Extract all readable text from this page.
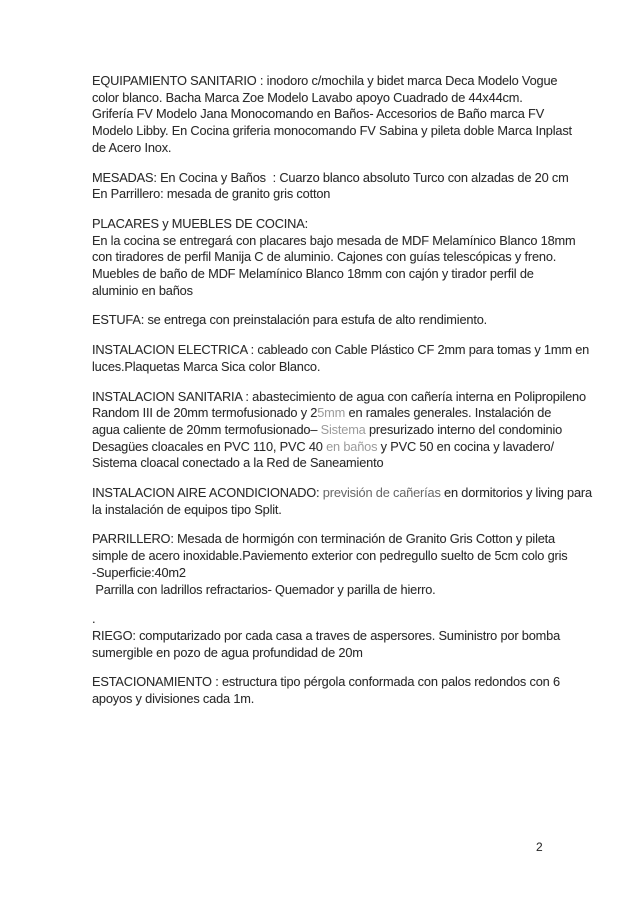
EQUIPAMIENTO SANITARIO : inodoro c/mochila y bidet marca Deca Modelo Vogue
color blanco. Bacha Marca Zoe Modelo Lavabo apoyo Cuadrado de 44x44cm.
Grifería FV Modelo Jana Monocomando en Baños- Accesorios de Baño marca FV
Modelo Libby. En Cocina griferia monocomando FV Sabina y pileta doble Marca Inplast
de Acero Inox.
MESADAS: En Cocina y Baños  : Cuarzo blanco absoluto Turco con alzadas de 20 cm
En Parrillero: mesada de granito gris cotton
PLACARES y MUEBLES DE COCINA:
En la cocina se entregará con placares bajo mesada de MDF Melamínico Blanco 18mm
con tiradores de perfil Manija C de aluminio. Cajones con guías telescópicas y freno.
Muebles de baño de MDF Melamínico Blanco 18mm con cajón y tirador perfil de
aluminio en baños
ESTUFA: se entrega con preinstalación para estufa de alto rendimiento.
INSTALACION ELECTRICA : cableado con Cable Plástico CF 2mm para tomas y 1mm en
luces.Plaquetas Marca Sica color Blanco.
INSTALACION SANITARIA : abastecimiento de agua con cañería interna en Polipropileno
Random III de 20mm termofusionado y 25mm en ramales generales. Instalación de
agua caliente de 20mm termofusionado– Sistema presurizado interno del condominio
Desagües cloacales en PVC 110, PVC 40 en baños y PVC 50 en cocina y lavadero/
Sistema cloacal conectado a la Red de Saneamiento
INSTALACION AIRE ACONDICIONADO: previsión de cañerías en dormitorios y living para
la instalación de equipos tipo Split.
PARRILLERO: Mesada de hormigón con terminación de Granito Gris Cotton y pileta
simple de acero inoxidable.Paviemento exterior con pedregullo suelto de 5cm colo gris
-Superficie:40m2
Parrilla con ladrillos refractarios- Quemador y parilla de hierro.
.
RIEGO: computarizado por cada casa a traves de aspersores. Suministro por bomba
sumergible en pozo de agua profundidad de 20m
ESTACIONAMIENTO : estructura tipo pérgola conformada con palos redondos con 6
apoyos y divisiones cada 1m.
2
